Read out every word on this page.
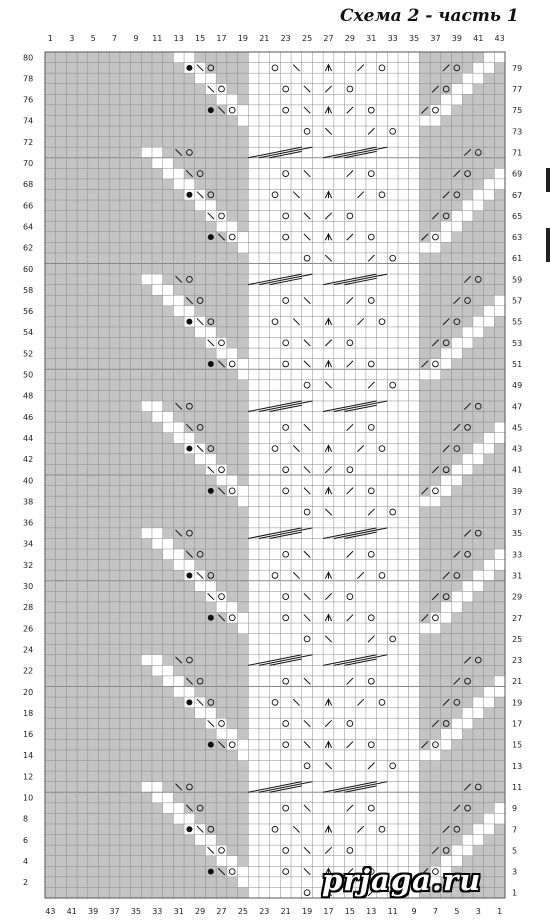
Схема 2 - часть 1
1 3 5 7 9 11 13 15 17 19 21 23 25 27 29 31 33 35 37 39 41 43
43 41 39 37 35 33 31 29 27 25 23 21 19 17 15 13 11 9 7 5 3 1
80
78
76
74
72
70
68
66
64
62
60
58
56
54
52
50
48
46
44
42
40
38
36
34
32
30
28
26
24
22
20
18
16
14
12
10
8
6
4
2
79
77
75
73
71
69
67
65
63
61
59
57
55
53
51
49
47
45
43
41
39
37
35
33
31
29
27
25
23
21
19
17
15
13
11
9
7
5
3
1
prjaga.ru
